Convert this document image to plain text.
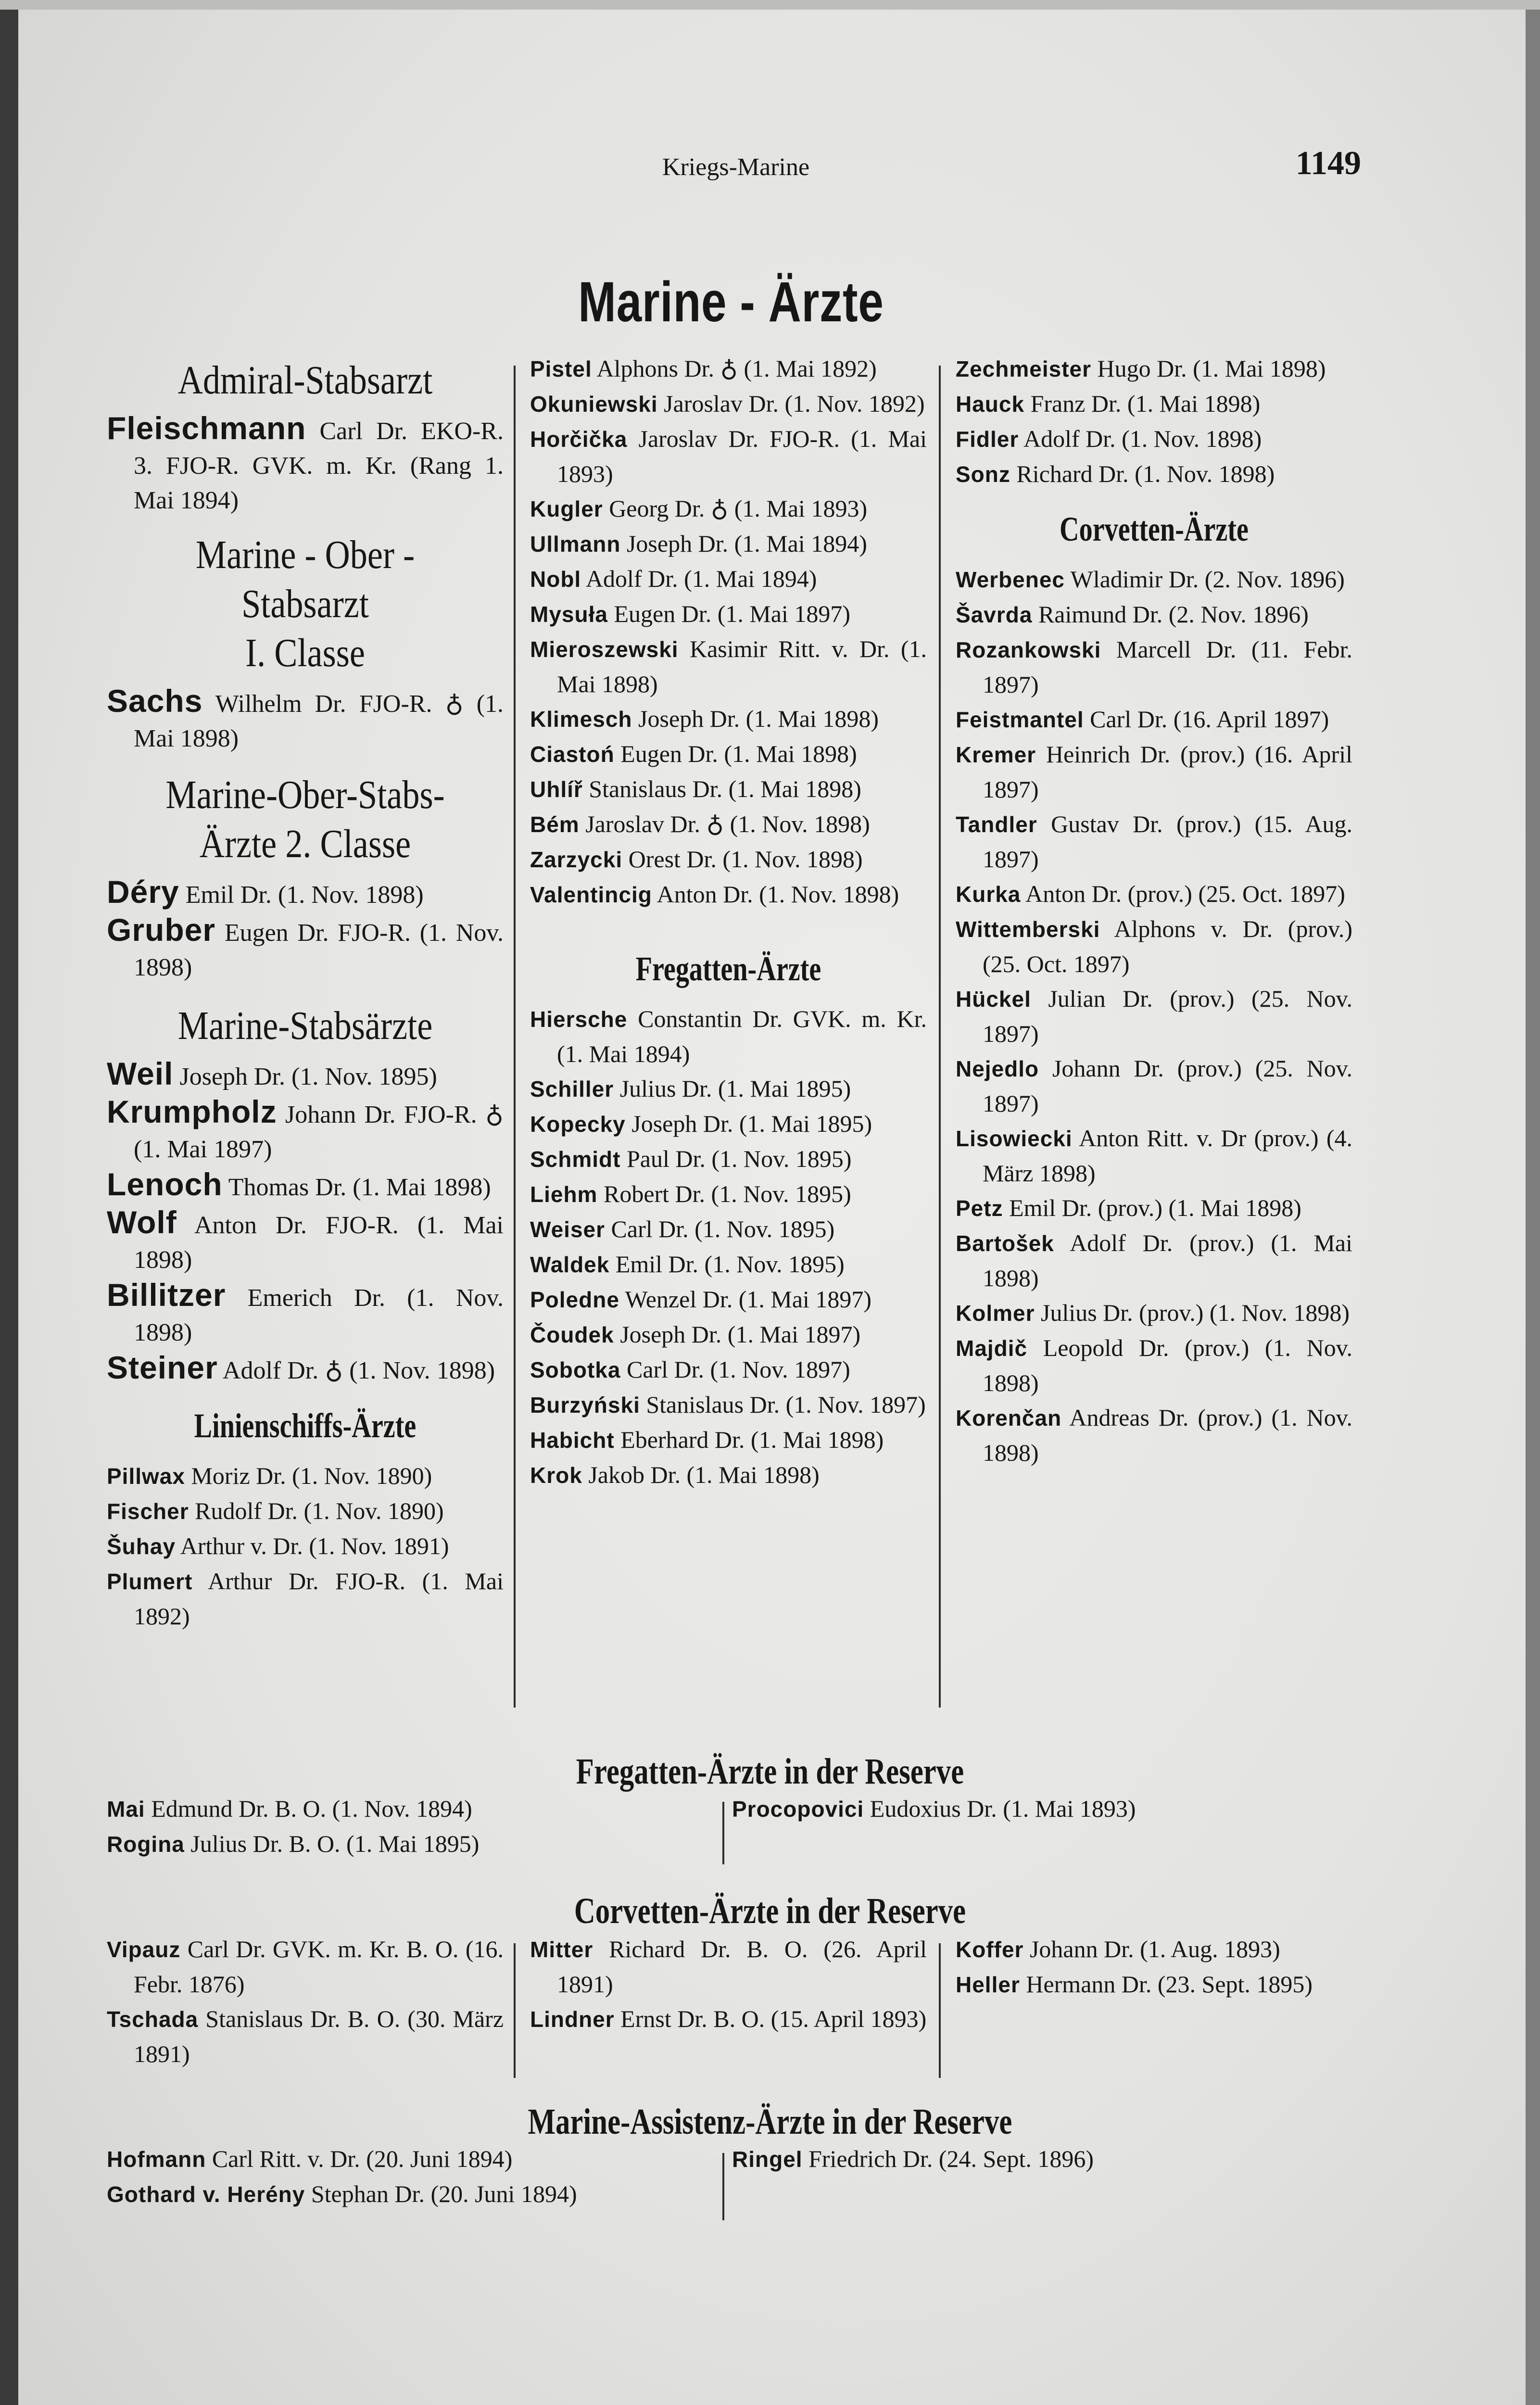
Kriegs-Marine	1149
Marine - Ärzte
Admiral-Stabsarzt
Fleischmann Carl Dr. EKO-R. 3. FJO-R. GVK. m. Kr. (Rang 1. Mai 1894)
Marine - Ober - Stabsarzt
I. Classe
Sachs Wilhelm Dr. FJO-R. ♁ (1. Mai 1898)
Marine-Ober-Stabs-
Ärzte 2. Classe
Déry Emil Dr. (1. Nov. 1898)
Gruber Eugen Dr. FJO-R. (1. Nov. 1898)
Marine-Stabsärzte
Weil Joseph Dr. (1. Nov. 1895)
Krumpholz Johann Dr. FJO-R. ♁ (1. Mai 1897)
Lenoch Thomas Dr. (1. Mai 1898)
Wolf Anton Dr. FJO-R. (1. Mai 1898)
Billitzer Emerich Dr. (1. Nov. 1898)
Steiner Adolf Dr. ♁ (1. Nov. 1898)
Linienschiffs-Ärzte
Pillwax Moriz Dr. (1. Nov. 1890)
Fischer Rudolf Dr. (1. Nov. 1890)
Šuhay Arthur v. Dr. (1. Nov. 1891)
Plumert Arthur Dr. FJO-R. (1. Mai 1892)
Pistel Alphons Dr. ♁ (1. Mai 1892)
Okuniewski Jaroslav Dr. (1. Nov. 1892)
Horčička Jaroslav Dr. FJO-R. (1. Mai 1893)
Kugler Georg Dr. ♁ (1. Mai 1893)
Ullmann Joseph Dr. (1. Mai 1894)
Nobl Adolf Dr. (1. Mai 1894)
Mysuła Eugen Dr. (1. Mai 1897)
Mieroszewski Kasimir Ritt. v. Dr. (1. Mai 1898)
Klimesch Joseph Dr. (1. Mai 1898)
Ciastoń Eugen Dr. (1. Mai 1898)
Uhlíř Stanislaus Dr. (1. Mai 1898)
Bém Jaroslav Dr. ♁ (1. Nov. 1898)
Zarzycki Orest Dr. (1. Nov. 1898)
Valentincig Anton Dr. (1. Nov. 1898)
Fregatten-Ärzte
Hiersche Constantin Dr. GVK. m. Kr. (1. Mai 1894)
Schiller Julius Dr. (1. Mai 1895)
Kopecky Joseph Dr. (1. Mai 1895)
Schmidt Paul Dr. (1. Nov. 1895)
Liehm Robert Dr. (1. Nov. 1895)
Weiser Carl Dr. (1. Nov. 1895)
Waldek Emil Dr. (1. Nov. 1895)
Poledne Wenzel Dr. (1. Mai 1897)
Čoudek Joseph Dr. (1. Mai 1897)
Sobotka Carl Dr. (1. Nov. 1897)
Burzyński Stanislaus Dr. (1. Nov. 1897)
Habicht Eberhard Dr. (1. Mai 1898)
Krok Jakob Dr. (1. Mai 1898)
Zechmeister Hugo Dr. (1. Mai 1898)
Hauck Franz Dr. (1. Mai 1898)
Fidler Adolf Dr. (1. Nov. 1898)
Sonz Richard Dr. (1. Nov. 1898)
Corvetten-Ärzte
Werbenec Wladimir Dr. (2. Nov. 1896)
Šavrda Raimund Dr. (2. Nov. 1896)
Rozankowski Marcell Dr. (11. Febr. 1897)
Feistmantel Carl Dr. (16. April 1897)
Kremer Heinrich Dr. (prov.) (16. April 1897)
Tandler Gustav Dr. (prov.) (15. Aug. 1897)
Kurka Anton Dr. (prov.) (25. Oct. 1897)
Wittemberski Alphons v. Dr. (prov.) (25. Oct. 1897)
Hückel Julian Dr. (prov.) (25. Nov. 1897)
Nejedlo Johann Dr. (prov.) (25. Nov. 1897)
Lisowiecki Anton Ritt. v. Dr (prov.) (4. März 1898)
Petz Emil Dr. (prov.) (1. Mai 1898)
Bartošek Adolf Dr. (prov.) (1. Mai 1898)
Kolmer Julius Dr. (prov.) (1. Nov. 1898)
Majdič Leopold Dr. (prov.) (1. Nov. 1898)
Korenčan Andreas Dr. (prov.) (1. Nov. 1898)
Fregatten-Ärzte in der Reserve
Mai Edmund Dr. B. O. (1. Nov. 1894)
Rogina Julius Dr. B. O. (1. Mai 1895)
Procopovici Eudoxius Dr. (1. Mai 1893)
Corvetten-Ärzte in der Reserve
Vipauz Carl Dr. GVK. m. Kr. B. O. (16. Febr. 1876)
Tschada Stanislaus Dr. B. O. (30. März 1891)
Mitter Richard Dr. B. O. (26. April 1891)
Lindner Ernst Dr. B. O. (15. April 1893)
Koffer Johann Dr. (1. Aug. 1893)
Heller Hermann Dr. (23. Sept. 1895)
Marine-Assistenz-Ärzte in der Reserve
Hofmann Carl Ritt. v. Dr. (20. Juni 1894)
Gothard v. Herény Stephan Dr. (20. Juni 1894)
Ringel Friedrich Dr. (24. Sept. 1896)
